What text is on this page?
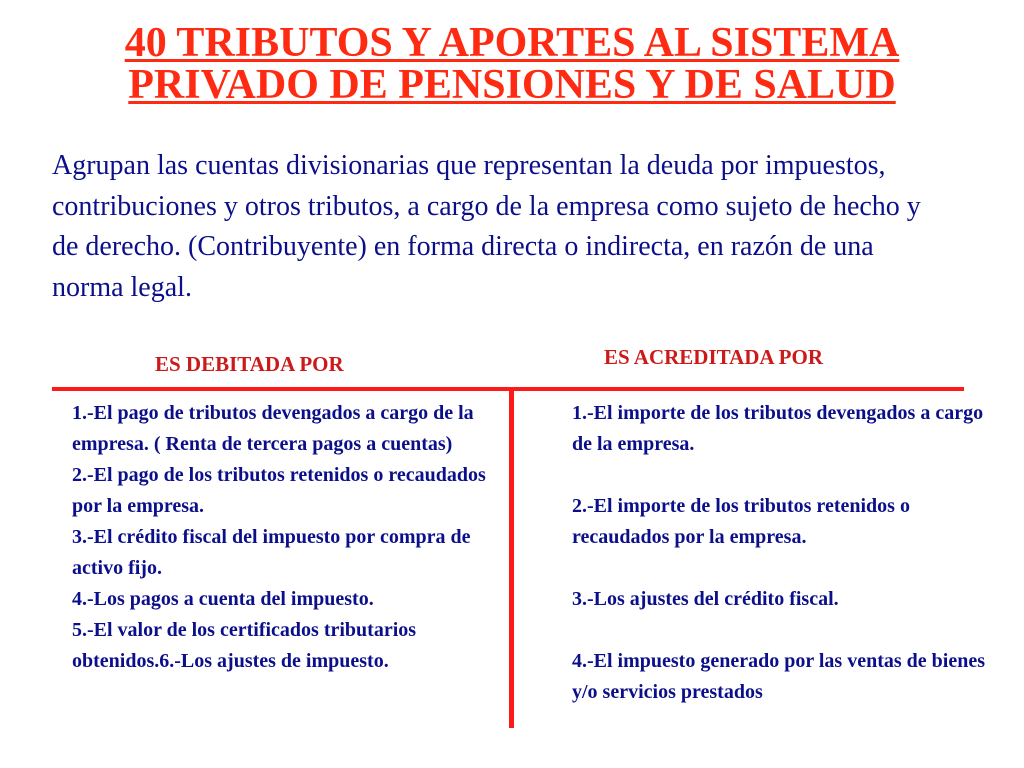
40 TRIBUTOS Y APORTES AL SISTEMA
PRIVADO DE PENSIONES Y DE SALUD

Agrupan las cuentas divisionarias que representan la deuda por impuestos, contribuciones y otros tributos, a cargo de la empresa como sujeto de hecho y de derecho. (Contribuyente) en forma directa o indirecta, en razón de una norma legal.

ES DEBITADA POR	ES ACREDITADA POR
1.-El pago de tributos devengados a cargo de la empresa. ( Renta de tercera pagos a cuentas)
2.-El pago de los tributos retenidos o recaudados por la empresa.
3.-El crédito fiscal del impuesto por compra de activo fijo.
4.-Los pagos a cuenta del impuesto.
5.-El valor de los certificados tributarios obtenidos.6.-Los ajustes de impuesto.
1.-El importe de los tributos devengados a cargo de la empresa.
2.-El importe de los tributos retenidos o recaudados por la empresa.
3.-Los ajustes del crédito fiscal.
4.-El impuesto generado por las ventas de bienes y/o servicios prestados
